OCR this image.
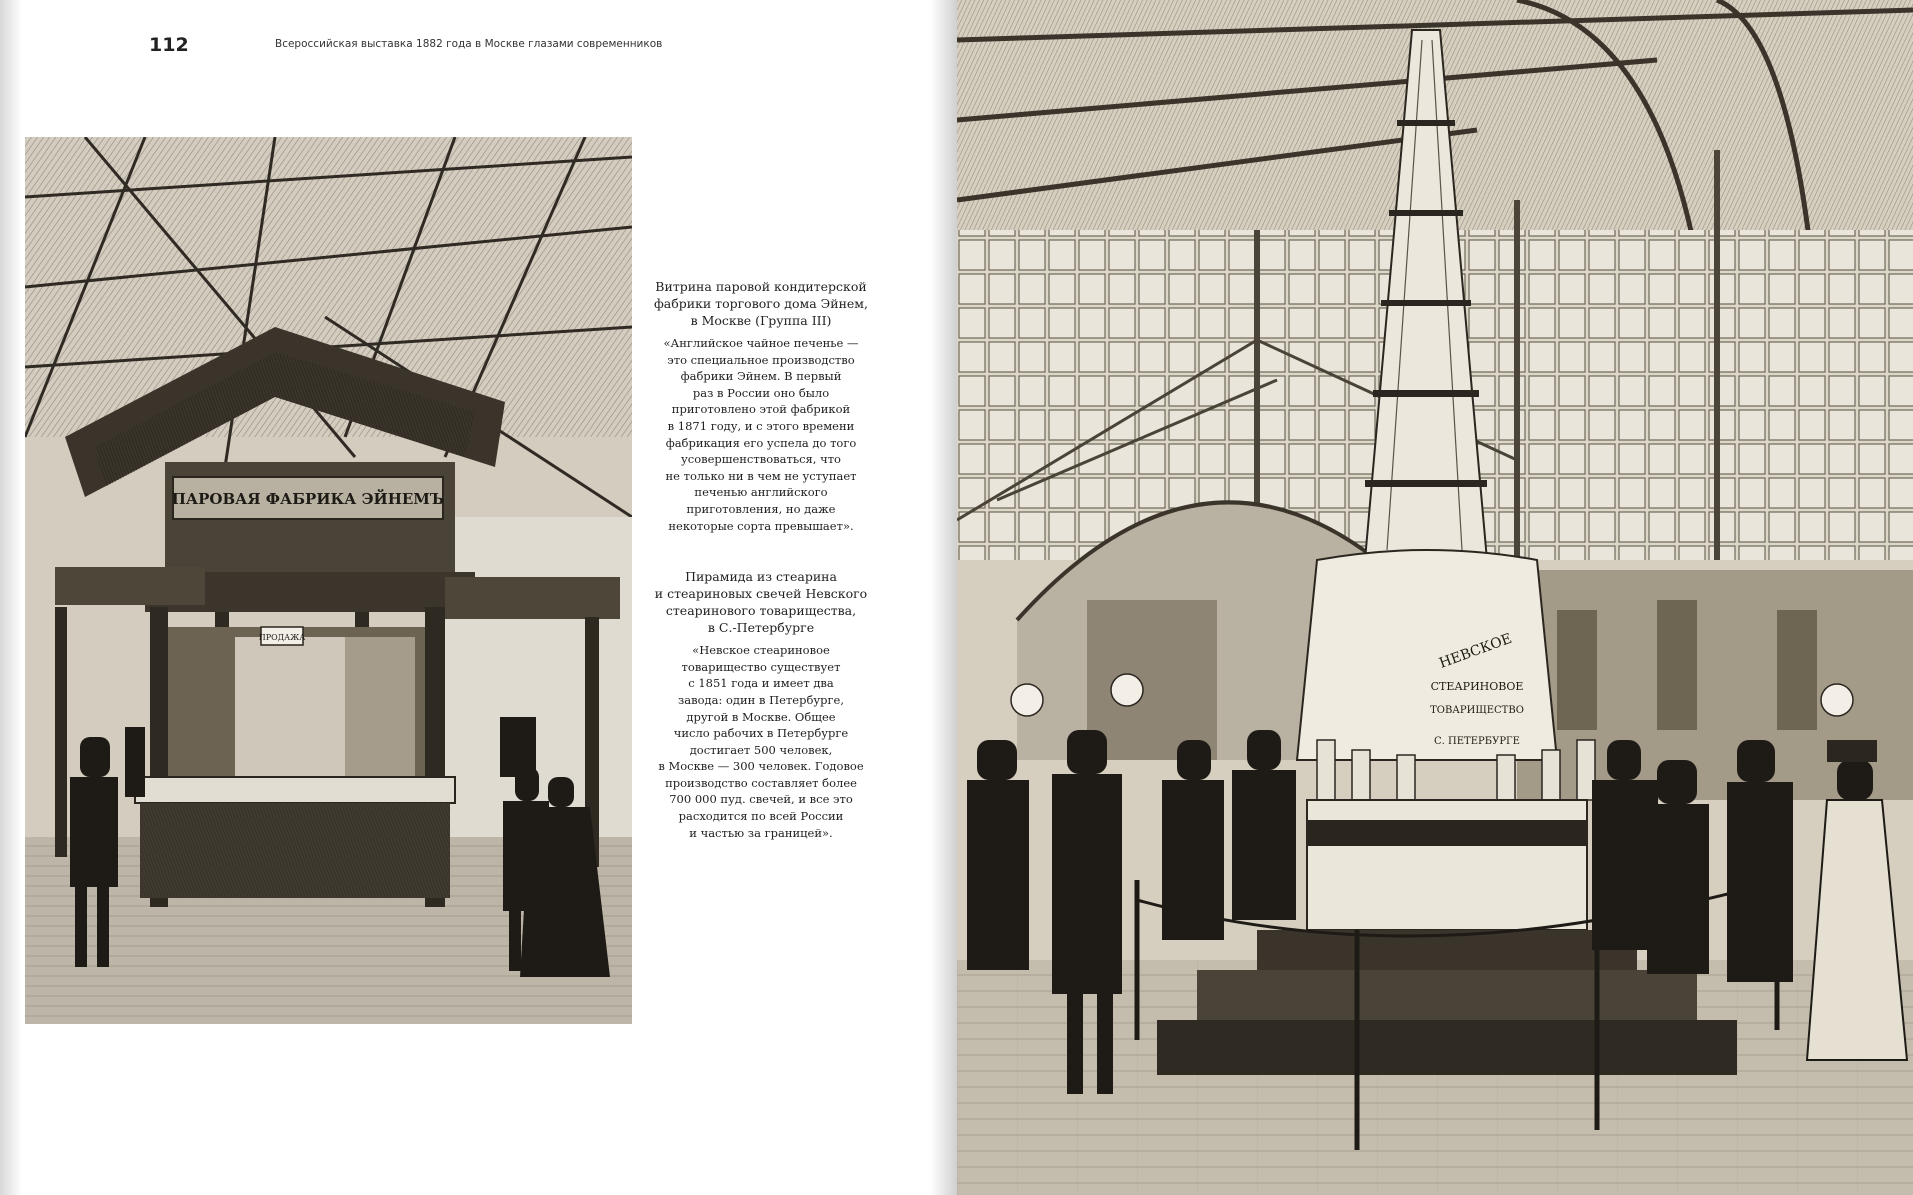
112	Всероссийская выставка 1882 года в Москве глазами современников
ПАРОВАЯ ФАБРИКА ЭЙНЕМЪ
ПРОДАЖА

Витрина паровой кондитерской
фабрики торгового дома Эйнем,
в Москве (Группа III)

«Английское чайное печенье —
это специальное производство
фабрики Эйнем. В первый
раз в России оно было
приготовлено этой фабрикой
в 1871 году, и с этого времени
фабрикация его успела до того
усовершенствоваться, что
не только ни в чем не уступает
печенью английского
приготовления, но даже
некоторые сорта превышает».

Пирамида из стеарина
и стеариновых свечей Невского
стеаринового товарищества,
в С.-Петербурге

«Невское стеариновое
товарищество существует
с 1851 года и имеет два
завода: один в Петербурге,
другой в Москве. Общее
число рабочих в Петербурге
достигает 500 человек,
в Москве — 300 человек. Годовое
производство составляет более
700 000 пуд. свечей, и все это
расходится по всей России
и частью за границей».

НЕВСКОЕ
СТЕАРИНОВОЕ
ТОВАРИЩЕСТВО
С. ПЕТЕРБУРГЕ
